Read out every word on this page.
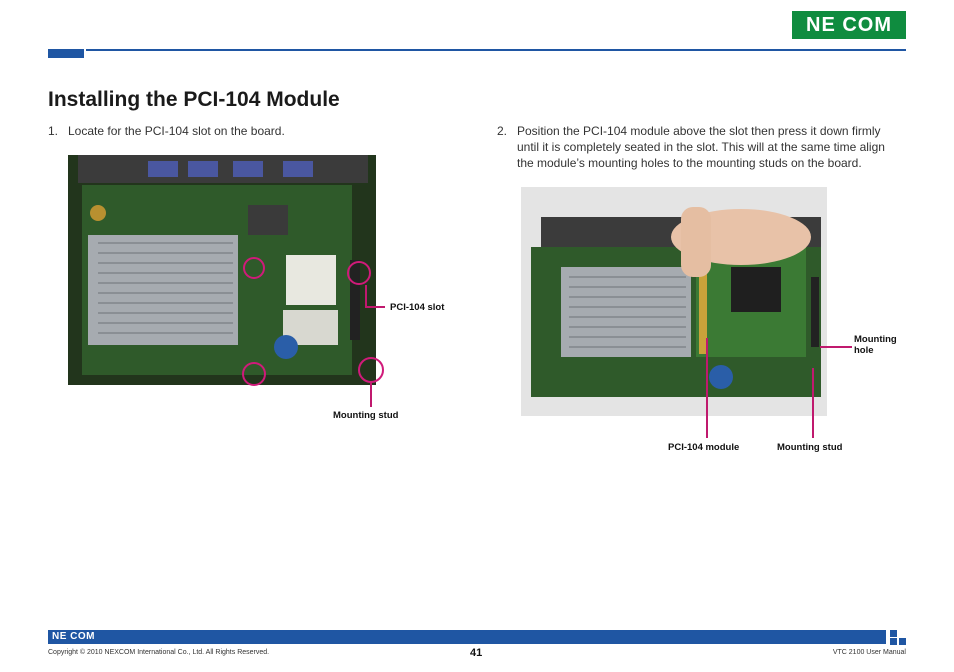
NE COM
Installing the PCI-104 Module
1. Locate for the PCI-104 slot on the board.	2. Position the PCI-104 module above the slot then press it down firmly
until it is completely seated in the slot. This will at the same time align
the module’s mounting holes to the mounting studs on the board.
PCI-104 slot
Mounting stud
Mounting hole
PCI-104 module	Mounting stud
NE COM
Copyright © 2010 NEXCOM International Co., Ltd. All Rights Reserved.	41	VTC 2100 User Manual
